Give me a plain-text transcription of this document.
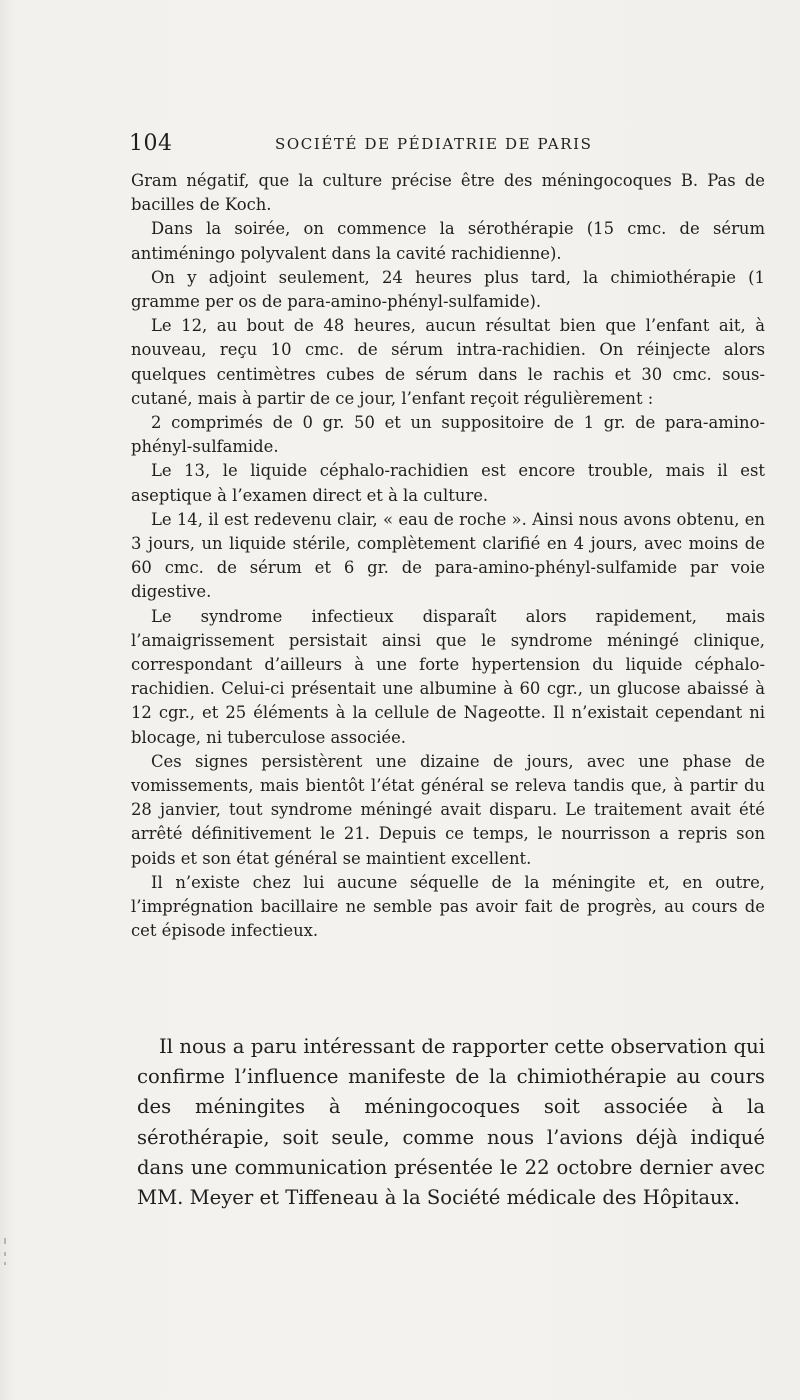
104	SOCIÉTÉ DE PÉDIATRIE DE PARIS

Gram négatif, que la culture précise être des méningocoques B. Pas de bacilles de Koch.

Dans la soirée, on commence la sérothérapie (15 cmc. de sérum antiméningo polyvalent dans la cavité rachidienne).

On y adjoint seulement, 24 heures plus tard, la chimiothérapie (1 gramme per os de para-amino-phényl-sulfamide).

Le 12, au bout de 48 heures, aucun résultat bien que l’enfant ait, à nouveau, reçu 10 cmc. de sérum intra-rachidien. On réinjecte alors quelques centimètres cubes de sérum dans le rachis et 30 cmc. sous-cutané, mais à partir de ce jour, l’enfant reçoit régulièrement :

2 comprimés de 0 gr. 50 et un suppositoire de 1 gr. de para-amino-phényl-sulfamide.

Le 13, le liquide céphalo-rachidien est encore trouble, mais il est aseptique à l’examen direct et à la culture.

Le 14, il est redevenu clair, « eau de roche ». Ainsi nous avons obtenu, en 3 jours, un liquide stérile, complètement clarifié en 4 jours, avec moins de 60 cmc. de sérum et 6 gr. de para-amino-phényl-sulfamide par voie digestive.

Le syndrome infectieux disparaît alors rapidement, mais l’amaigrissement persistait ainsi que le syndrome méningé clinique, correspondant d’ailleurs à une forte hypertension du liquide céphalo-rachidien. Celui-ci présentait une albumine à 60 cgr., un glucose abaissé à 12 cgr., et 25 éléments à la cellule de Nageotte. Il n’existait cependant ni blocage, ni tuberculose associée.

Ces signes persistèrent une dizaine de jours, avec une phase de vomissements, mais bientôt l’état général se releva tandis que, à partir du 28 janvier, tout syndrome méningé avait disparu. Le traitement avait été arrêté définitivement le 21. Depuis ce temps, le nourrisson a repris son poids et son état général se maintient excellent.

Il n’existe chez lui aucune séquelle de la méningite et, en outre, l’imprégnation bacillaire ne semble pas avoir fait de progrès, au cours de cet épisode infectieux.

Il nous a paru intéressant de rapporter cette observation qui confirme l’influence manifeste de la chimiothérapie au cours des méningites à méningocoques soit associée à la sérothérapie, soit seule, comme nous l’avions déjà indiqué dans une communication présentée le 22 octobre dernier avec MM. Meyer et Tiffeneau à la Société médicale des Hôpitaux.
